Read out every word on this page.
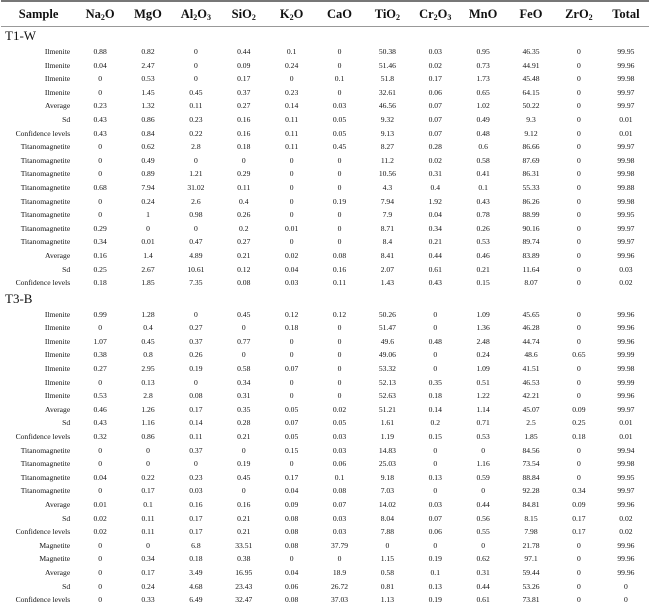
Sample	$Na_2O$	MgO	$Al_2O_3$	SiO$_2$	$K_2O$	CaO	TiO$_2$	$Cr_2O_3$	MnO	FeO	ZrO$_2$	Total
T1-W												
Ilmenite	0.88	0.82	0	0.44	0.1	0	50.38	0.03	0.95	46.35	0	99.95
Ilmenite	0.04	2.47	0	0.09	0.24	0	51.46	0.02	0.73	44.91	0	99.96
Ilmenite	0	0.53	0	0.17	0	0.1	51.8	0.17	1.73	45.48	0	99.98
Ilmenite	0	1.45	0.45	0.37	0.23	0	32.61	0.06	0.65	64.15	0	99.97
Average	0.23	1.32	0.11	0.27	0.14	0.03	46.56	0.07	1.02	50.22	0	99.97
Sd	0.43	0.86	0.23	0.16	0.11	0.05	9.32	0.07	0.49	9.3	0	0.01
Confidence levels	0.43	0.84	0.22	0.16	0.11	0.05	9.13	0.07	0.48	9.12	0	0.01
Titanomagnetite	0	0.62	2.8	0.18	0.11	0.45	8.27	0.28	0.6	86.66	0	99.97
Titanomagnetite	0	0.49	0	0	0	0	11.2	0.02	0.58	87.69	0	99.98
Titanomagnetite	0	0.89	1.21	0.29	0	0	10.56	0.31	0.41	86.31	0	99.98
Titanomagnetite	0.68	7.94	31.02	0.11	0	0	4.3	0.4	0.1	55.33	0	99.88
Titanomagnetite	0	0.24	2.6	0.4	0	0.19	7.94	1.92	0.43	86.26	0	99.98
Titanomagnetite	0	1	0.98	0.26	0	0	7.9	0.04	0.78	88.99	0	99.95
Titanomagnetite	0.29	0	0	0.2	0.01	0	8.71	0.34	0.26	90.16	0	99.97
Titanomagnetite	0.34	0.01	0.47	0.27	0	0	8.4	0.21	0.53	89.74	0	99.97
Average	0.16	1.4	4.89	0.21	0.02	0.08	8.41	0.44	0.46	83.89	0	99.96
Sd	0.25	2.67	10.61	0.12	0.04	0.16	2.07	0.61	0.21	11.64	0	0.03
Confidence levels	0.18	1.85	7.35	0.08	0.03	0.11	1.43	0.43	0.15	8.07	0	0.02
T3-B												
Ilmenite	0.99	1.28	0	0.45	0.12	0.12	50.26	0	1.09	45.65	0	99.96
Ilmenite	0	0.4	0.27	0	0.18	0	51.47	0	1.36	46.28	0	99.96
Ilmenite	1.07	0.45	0.37	0.77	0	0	49.6	0.48	2.48	44.74	0	99.96
Ilmenite	0.38	0.8	0.26	0	0	0	49.06	0	0.24	48.6	0.65	99.99
Ilmenite	0.27	2.95	0.19	0.58	0.07	0	53.32	0	1.09	41.51	0	99.98
Ilmenite	0	0.13	0	0.34	0	0	52.13	0.35	0.51	46.53	0	99.99
Ilmenite	0.53	2.8	0.08	0.31	0	0	52.63	0.18	1.22	42.21	0	99.96
Average	0.46	1.26	0.17	0.35	0.05	0.02	51.21	0.14	1.14	45.07	0.09	99.97
Sd	0.43	1.16	0.14	0.28	0.07	0.05	1.61	0.2	0.71	2.5	0.25	0.01
Confidence levels	0.32	0.86	0.11	0.21	0.05	0.03	1.19	0.15	0.53	1.85	0.18	0.01
Titanomagnetite	0	0	0.37	0	0.15	0.03	14.83	0	0	84.56	0	99.94
Titanomagnetite	0	0	0	0.19	0	0.06	25.03	0	1.16	73.54	0	99.98
Titanomagnetite	0.04	0.22	0.23	0.45	0.17	0.1	9.18	0.13	0.59	88.84	0	99.95
Titanomagnetite	0	0.17	0.03	0	0.04	0.08	7.03	0	0	92.28	0.34	99.97
Average	0.01	0.1	0.16	0.16	0.09	0.07	14.02	0.03	0.44	84.81	0.09	99.96
Sd	0.02	0.11	0.17	0.21	0.08	0.03	8.04	0.07	0.56	8.15	0.17	0.02
Confidence levels	0.02	0.11	0.17	0.21	0.08	0.03	7.88	0.06	0.55	7.98	0.17	0.02
Magnetite	0	0	6.8	33.51	0.08	37.79	0	0	0	21.78	0	99.96
Magnetite	0	0.34	0.18	0.38	0	0	1.15	0.19	0.62	97.1	0	99.96
Average	0	0.17	3.49	16.95	0.04	18.9	0.58	0.1	0.31	59.44	0	99.96
Sd	0	0.24	4.68	23.43	0.06	26.72	0.81	0.13	0.44	53.26	0	0
Confidence levels	0	0.33	6.49	32.47	0.08	37.03	1.13	0.19	0.61	73.81	0	0
